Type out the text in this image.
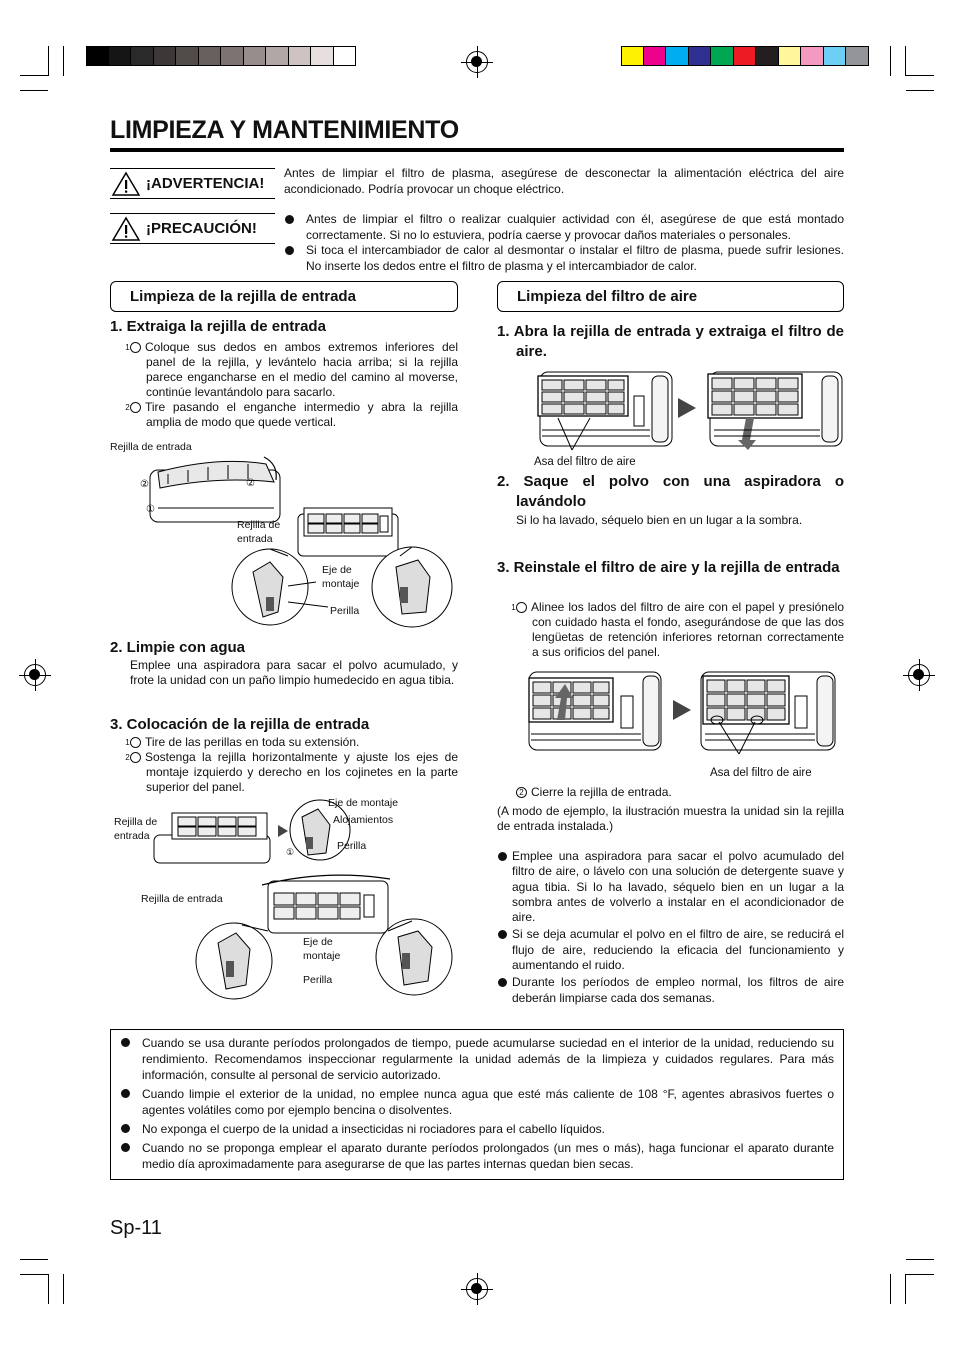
LIMPIEZA Y MANTENIMIENTO
¡ADVERTENCIA!
Antes de limpiar el filtro de plasma, asegúrese de desconectar la alimentación eléctrica del aire acondicionado. Podría provocar un choque eléctrico.
¡PRECAUCIÓN!
Antes de limpiar el filtro o realizar cualquier actividad con él, asegúrese de que está montado correctamente. Si no lo estuviera, podría caerse y provocar daños materiales o personales.
Si toca el intercambiador de calor al desmontar o instalar el filtro de plasma, puede sufrir lesiones. No inserte los dedos entre el filtro de plasma y el intercambiador de calor.
Limpieza de la rejilla de entrada
1. Extraiga la rejilla de entrada
1 Coloque sus dedos en ambos extremos inferiores del panel de la rejilla, y levántelo hacia arriba; si la rejilla parece engancharse en el medio del camino al moverse, continúe levantándolo para sacarlo.
2 Tire pasando el enganche intermedio y abra la rejilla amplia de modo que quede vertical.
Rejilla de entrada
②	②
①
Rejilla de entrada
Eje de montaje
Perilla
2. Limpie con agua
Emplee una aspiradora para sacar el polvo acumulado, y frote la unidad con un paño limpio humedecido en agua tibia.
3. Colocación de la rejilla de entrada
1 Tire de las perillas en toda su extensión.
2 Sostenga la rejilla horizontalmente y ajuste los ejes de montaje izquierdo y derecho en los cojinetes en la parte superior del panel.
①
Rejilla de entrada
Eje de montaje
Alojamientos
Perilla
Rejilla de entrada
Eje de montaje
Perilla
Limpieza del filtro de aire
1. Abra la rejilla de entrada y extraiga el filtro de aire.
Asa del filtro de aire
2. Saque el polvo con una aspiradora o lavándolo
Si lo ha lavado, séquelo bien en un lugar a la sombra.
3. Reinstale el filtro de aire y la rejilla de entrada
1 Alinee los lados del filtro de aire con el papel y presiónelo con cuidado hasta el fondo, asegurándose de que las dos lengüetas de retención inferiores retornan correctamente a sus orificios del panel.
Asa del filtro de aire
2 Cierre la rejilla de entrada.
(A modo de ejemplo, la ilustración muestra la unidad sin la rejilla de entrada instalada.)
Emplee una aspiradora para sacar el polvo acumulado del filtro de aire, o lávelo con una solución de detergente suave y agua tibia. Si lo ha lavado, séquelo bien en un lugar a la sombra antes de volverlo a instalar en el acondicionador de aire.
Si se deja acumular el polvo en el filtro de aire, se reducirá el flujo de aire, reduciendo la eficacia del funcionamiento y aumentando el ruido.
Durante los períodos de empleo normal, los filtros de aire deberán limpiarse cada dos semanas.
Cuando se usa durante períodos prolongados de tiempo, puede acumularse suciedad en el interior de la unidad, reduciendo su rendimiento. Recomendamos inspeccionar regularmente la unidad además de la limpieza y cuidados regulares. Para más información, consulte al personal de servicio autorizado.
Cuando limpie el exterior de la unidad, no emplee nunca agua que esté más caliente de 108 °F, agentes abrasivos fuertes o agentes volátiles como por ejemplo bencina o disolventes.
No exponga el cuerpo de la unidad a insecticidas ni rociadores para el cabello líquidos.
Cuando no se proponga emplear el aparato durante períodos prolongados (un mes o más), haga funcionar el aparato durante medio día aproximadamente para asegurarse de que las partes internas quedan bien secas.
Sp-11
